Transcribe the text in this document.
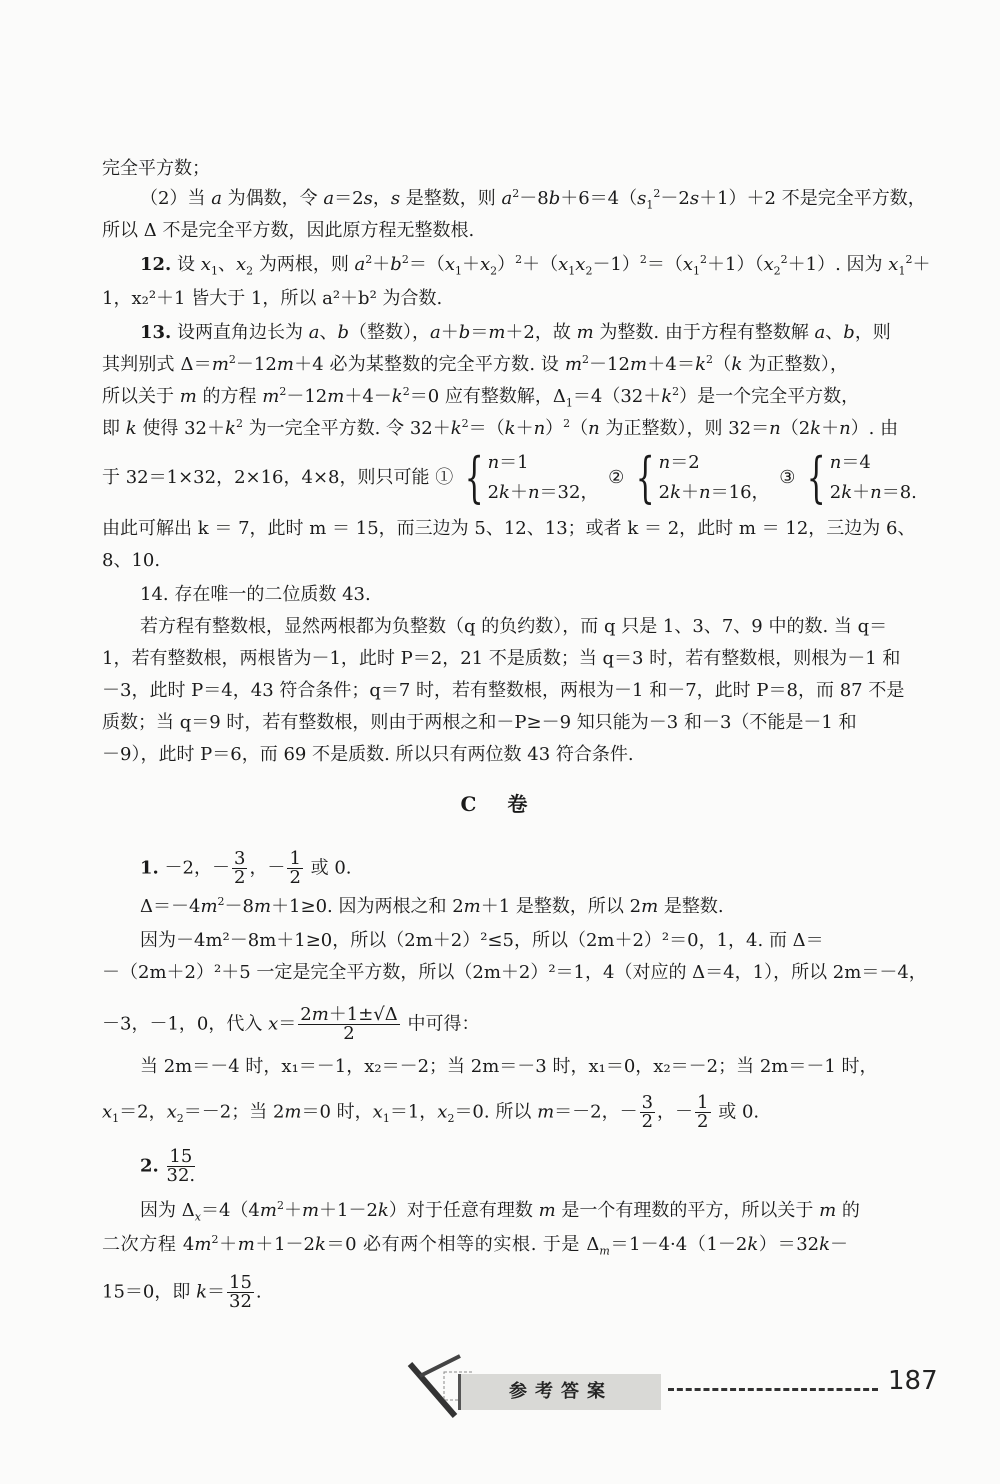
完全平方数；
（2）当 a 为偶数，令 a＝2s，s 是整数，则 $a^2-8b+6=4(s_1^2-2s+1)+2$ 不是完全平方数，
所以 Δ 不是完全平方数，因此原方程无整数根.
12. 设 $x_1$、$x_2$ 为两根，则 $a^2+b^2=(x_1+x_2)^2+(x_1x_2-1)^2=(x_1^2+1)(x_2^2+1)$. 因为 $x_1^2+$
1，x₂²＋1 皆大于 1，所以 a²＋b² 为合数.
13. 设两直角边长为 a、b（整数），a＋b＝m＋2，故 m 为整数. 由于方程有整数解 a、b，则
其判别式 $\Delta=m^2-12m+4$ 必为某整数的完全平方数. 设 $m^2-12m+4=k^2(k$ 为正整数），
所以关于 m 的方程 $m^2-12m+4-k^2=0$ 应有整数解，$\Delta_1=4(32+k^2)$是一个完全平方数，
即 k 使得 $32+k^2$ 为一完全平方数. 令 $32+k^2=(k+n)^2(n$ 为正整数），则 32＝n（2k＋n）. 由
于 32＝1×32，2×16，4×8，则只可能 ① { n＝1
2k＋n＝32，
② { n＝2
2k＋n＝16，
③ { n＝4
2k＋n＝8.
由此可解出 k ＝ 7，此时 m ＝ 15，而三边为 5、12、13；或者 k ＝ 2，此时 m ＝ 12，三边为 6、
8、10.
14. 存在唯一的二位质数 43.
若方程有整数根，显然两根都为负整数（q 的负约数），而 q 只是 1、3、7、9 中的数. 当 q＝
1，若有整数根，两根皆为－1，此时 P＝2，21 不是质数；当 q＝3 时，若有整数根，则根为－1 和
－3，此时 P＝4，43 符合条件；q＝7 时，若有整数根，两根为－1 和－7，此时 P＝8，而 87 不是
质数；当 q＝9 时，若有整数根，则由于两根之和－P≥－9 知只能为－3 和－3（不能是－1 和
－9），此时 P＝6，而 69 不是质数. 所以只有两位数 43 符合条件.
C 卷
1. －2，－ $\frac{3}{2}$ ，－ $\frac{1}{2}$ 或 0.
$\Delta=-4m^2-8m+1\ge 0$. 因为两根之和 2m＋1 是整数，所以 2m 是整数.
因为－4m²－8m＋1≥0，所以（2m＋2）²≤5，所以（2m＋2）²＝0，1，4. 而 Δ＝
－（2m＋2）²＋5 一定是完全平方数，所以（2m＋2）²＝1，4（对应的 Δ＝4，1），所以 2m＝－4，
－3，－1，0，代入 $x= \frac{2m+1\pm√\Delta}{2}$ 中可得：
当 2m＝－4 时，x₁＝－1，x₂＝－2；当 2m＝－3 时，x₁＝0，x₂＝－2；当 2m＝－1 时，
$x_1=2$，$x_2=-2$；当 2m＝0 时，$x_1=1$，$x_2=0$. 所以 m＝－2，－ $\frac{3}{2}$ ，－ $\frac{1}{2}$ 或 0.
2. $\frac{15}{32.}$
因为 $\Delta_x=4(4m^2+m+1-2k)$对于任意有理数 m 是一个有理数的平方，所以关于 m 的
二次方程 $4m^2+m+1-2k=0$ 必有两个相等的实根. 于是 $\Delta_m=1-4\cdot 4(1-2k)=32k-$
15＝0，即 $k= \frac{15}{32}$ .
参考答案	187
